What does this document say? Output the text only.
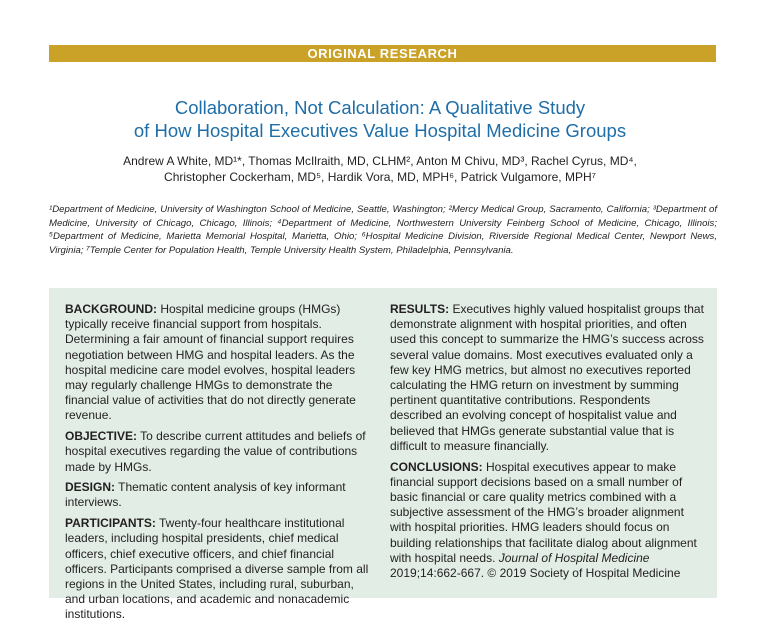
ORIGINAL RESEARCH
Collaboration, Not Calculation: A Qualitative Study
of How Hospital Executives Value Hospital Medicine Groups
Andrew A White, MD¹*, Thomas McIlraith, MD, CLHM², Anton M Chivu, MD³, Rachel Cyrus, MD⁴,
Christopher Cockerham, MD⁵, Hardik Vora, MD, MPH⁶, Patrick Vulgamore, MPH⁷
¹Department of Medicine, University of Washington School of Medicine, Seattle, Washington; ²Mercy Medical Group, Sacramento, California; ³Department of Medicine, University of Chicago, Chicago, Illinois; ⁴Department of Medicine, Northwestern University Feinberg School of Medicine, Chicago, Illinois; ⁵Department of Medicine, Marietta Memorial Hospital, Marietta, Ohio; ⁶Hospital Medicine Division, Riverside Regional Medical Center, Newport News, Virginia; ⁷Temple Center for Population Health, Temple University Health System, Philadelphia, Pennsylvania.

BACKGROUND: Hospital medicine groups (HMGs) typically receive financial support from hospitals. Determining a fair amount of financial support requires negotiation between HMG and hospital leaders. As the hospital medicine care model evolves, hospital leaders may regularly challenge HMGs to demonstrate the financial value of activities that do not directly generate revenue.

OBJECTIVE: To describe current attitudes and beliefs of hospital executives regarding the value of contributions made by HMGs.

DESIGN: Thematic content analysis of key informant interviews.

PARTICIPANTS: Twenty-four healthcare institutional leaders, including hospital presidents, chief medical officers, chief executive officers, and chief financial officers. Participants comprised a diverse sample from all regions in the United States, including rural, suburban, and urban locations, and academic and nonacademic institutions.

RESULTS: Executives highly valued hospitalist groups that demonstrate alignment with hospital priorities, and often used this concept to summarize the HMG’s success across several value domains. Most executives evaluated only a few key HMG metrics, but almost no executives reported calculating the HMG return on investment by summing pertinent quantitative contributions. Respondents described an evolving concept of hospitalist value and believed that HMGs generate substantial value that is difficult to measure financially.

CONCLUSIONS: Hospital executives appear to make financial support decisions based on a small number of basic financial or care quality metrics combined with a subjective assessment of the HMG’s broader alignment with hospital priorities. HMG leaders should focus on building relationships that facilitate dialog about alignment with hospital needs. Journal of Hospital Medicine 2019;14:662-667. © 2019 Society of Hospital Medicine
